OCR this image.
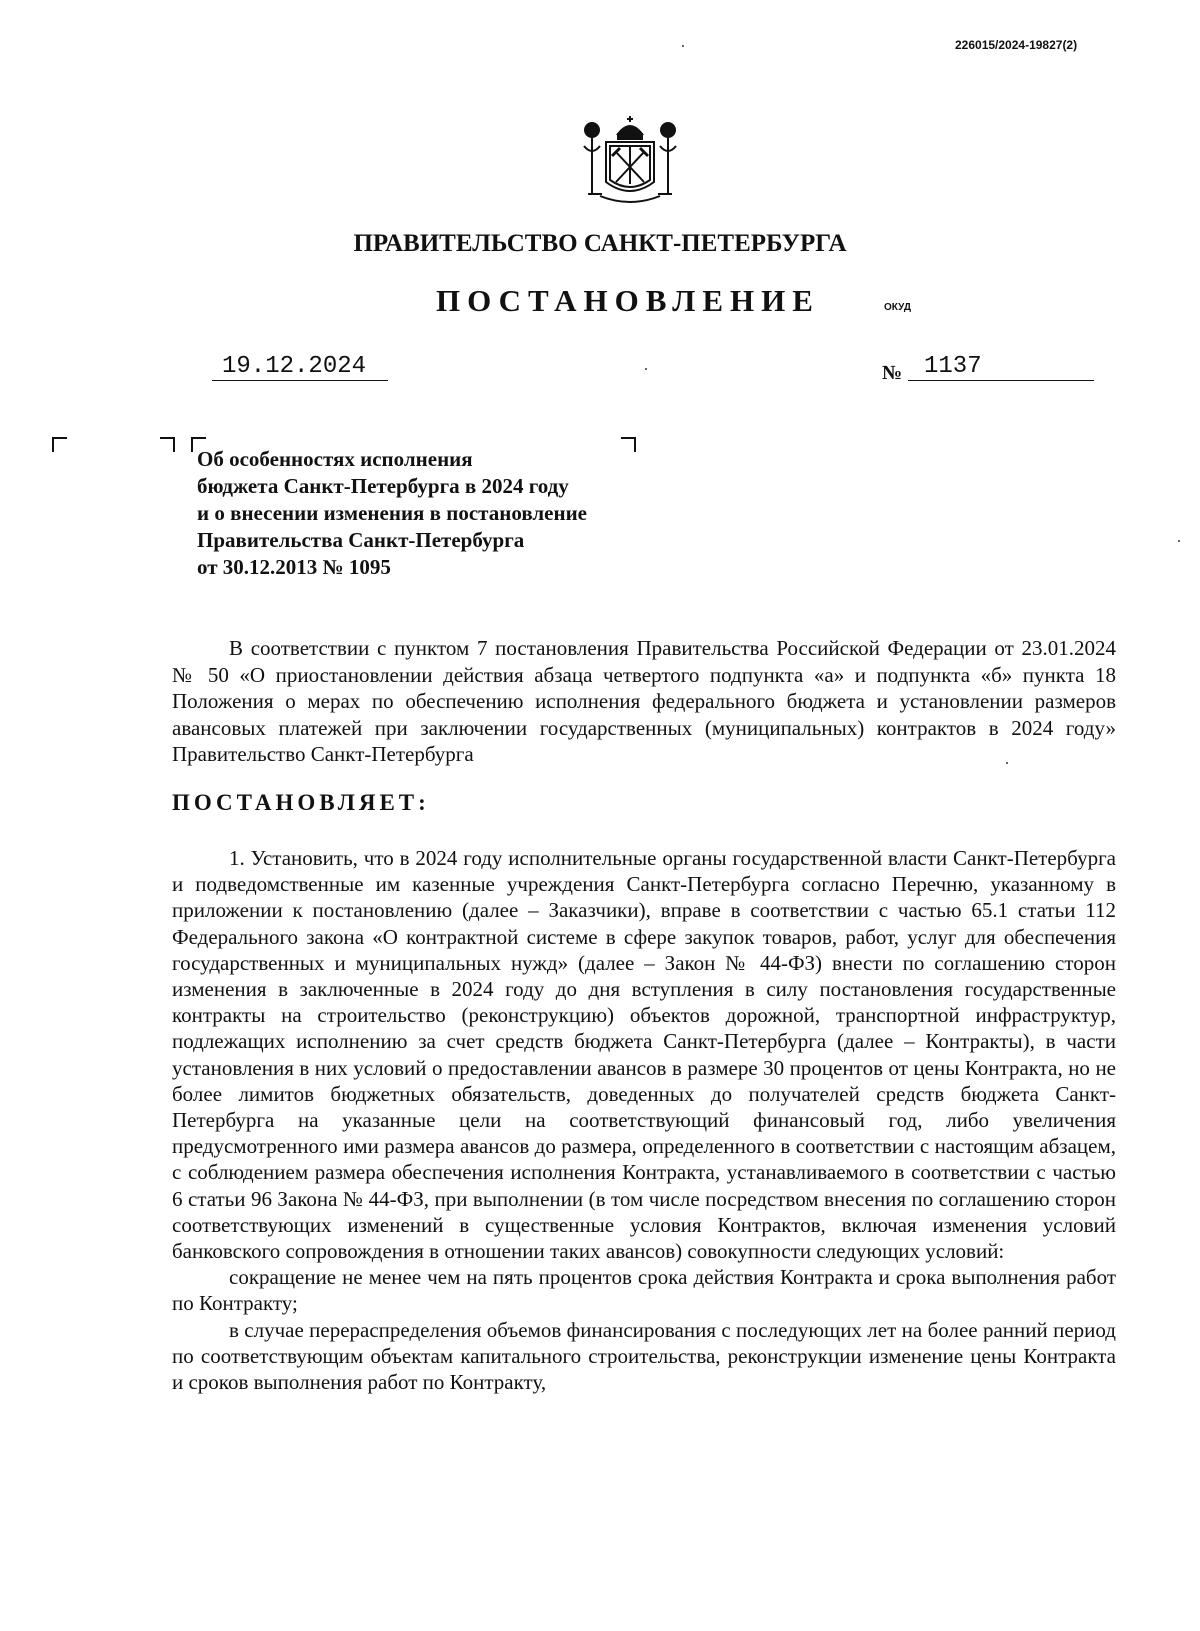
226015/2024-19827(2)
ПРАВИТЕЛЬСТВО САНКТ-ПЕТЕРБУРГА
ПОСТАНОВЛЕНИЕ	ОКУД
19.12.2024	№ 1137
Об особенностях исполнения
бюджета Санкт-Петербурга в 2024 году
и о внесении изменения в постановление
Правительства Санкт-Петербурга
от 30.12.2013 № 1095
В соответствии с пунктом 7 постановления Правительства Российской Федерации от 23.01.2024 № 50 «О приостановлении действия абзаца четвертого подпункта «а» и подпункта «б» пункта 18 Положения о мерах по обеспечению исполнения федерального бюджета и установлении размеров авансовых платежей при заключении государственных (муниципальных) контрактов в 2024 году» Правительство Санкт-Петербурга
ПОСТАНОВЛЯЕТ:

1. Установить, что в 2024 году исполнительные органы государственной власти Санкт-Петербурга и подведомственные им казенные учреждения Санкт-Петербурга согласно Перечню, указанному в приложении к постановлению (далее – Заказчики), вправе в соответствии с частью 65.1 статьи 112 Федерального закона «О контрактной системе в сфере закупок товаров, работ, услуг для обеспечения государственных и муниципальных нужд» (далее – Закон № 44-ФЗ) внести по соглашению сторон изменения в заключенные в 2024 году до дня вступления в силу постановления государственные контракты на строительство (реконструкцию) объектов дорожной, транспортной инфраструктур, подлежащих исполнению за счет средств бюджета Санкт-Петербурга (далее – Контракты), в части установления в них условий о предоставлении авансов в размере 30 процентов от цены Контракта, но не более лимитов бюджетных обязательств, доведенных до получателей средств бюджета Санкт-Петербурга на указанные цели на соответствующий финансовый год, либо увеличения предусмотренного ими размера авансов до размера, определенного в соответствии с настоящим абзацем, с соблюдением размера обеспечения исполнения Контракта, устанавливаемого в соответствии с частью 6 статьи 96 Закона № 44-ФЗ, при выполнении (в том числе посредством внесения по соглашению сторон соответствующих изменений в существенные условия Контрактов, включая изменения условий банковского сопровождения в отношении таких авансов) совокупности следующих условий:

сокращение не менее чем на пять процентов срока действия Контракта и срока выполнения работ по Контракту;

в случае перераспределения объемов финансирования с последующих лет на более ранний период по соответствующим объектам капитального строительства, реконструкции изменение цены Контракта и сроков выполнения работ по Контракту,
